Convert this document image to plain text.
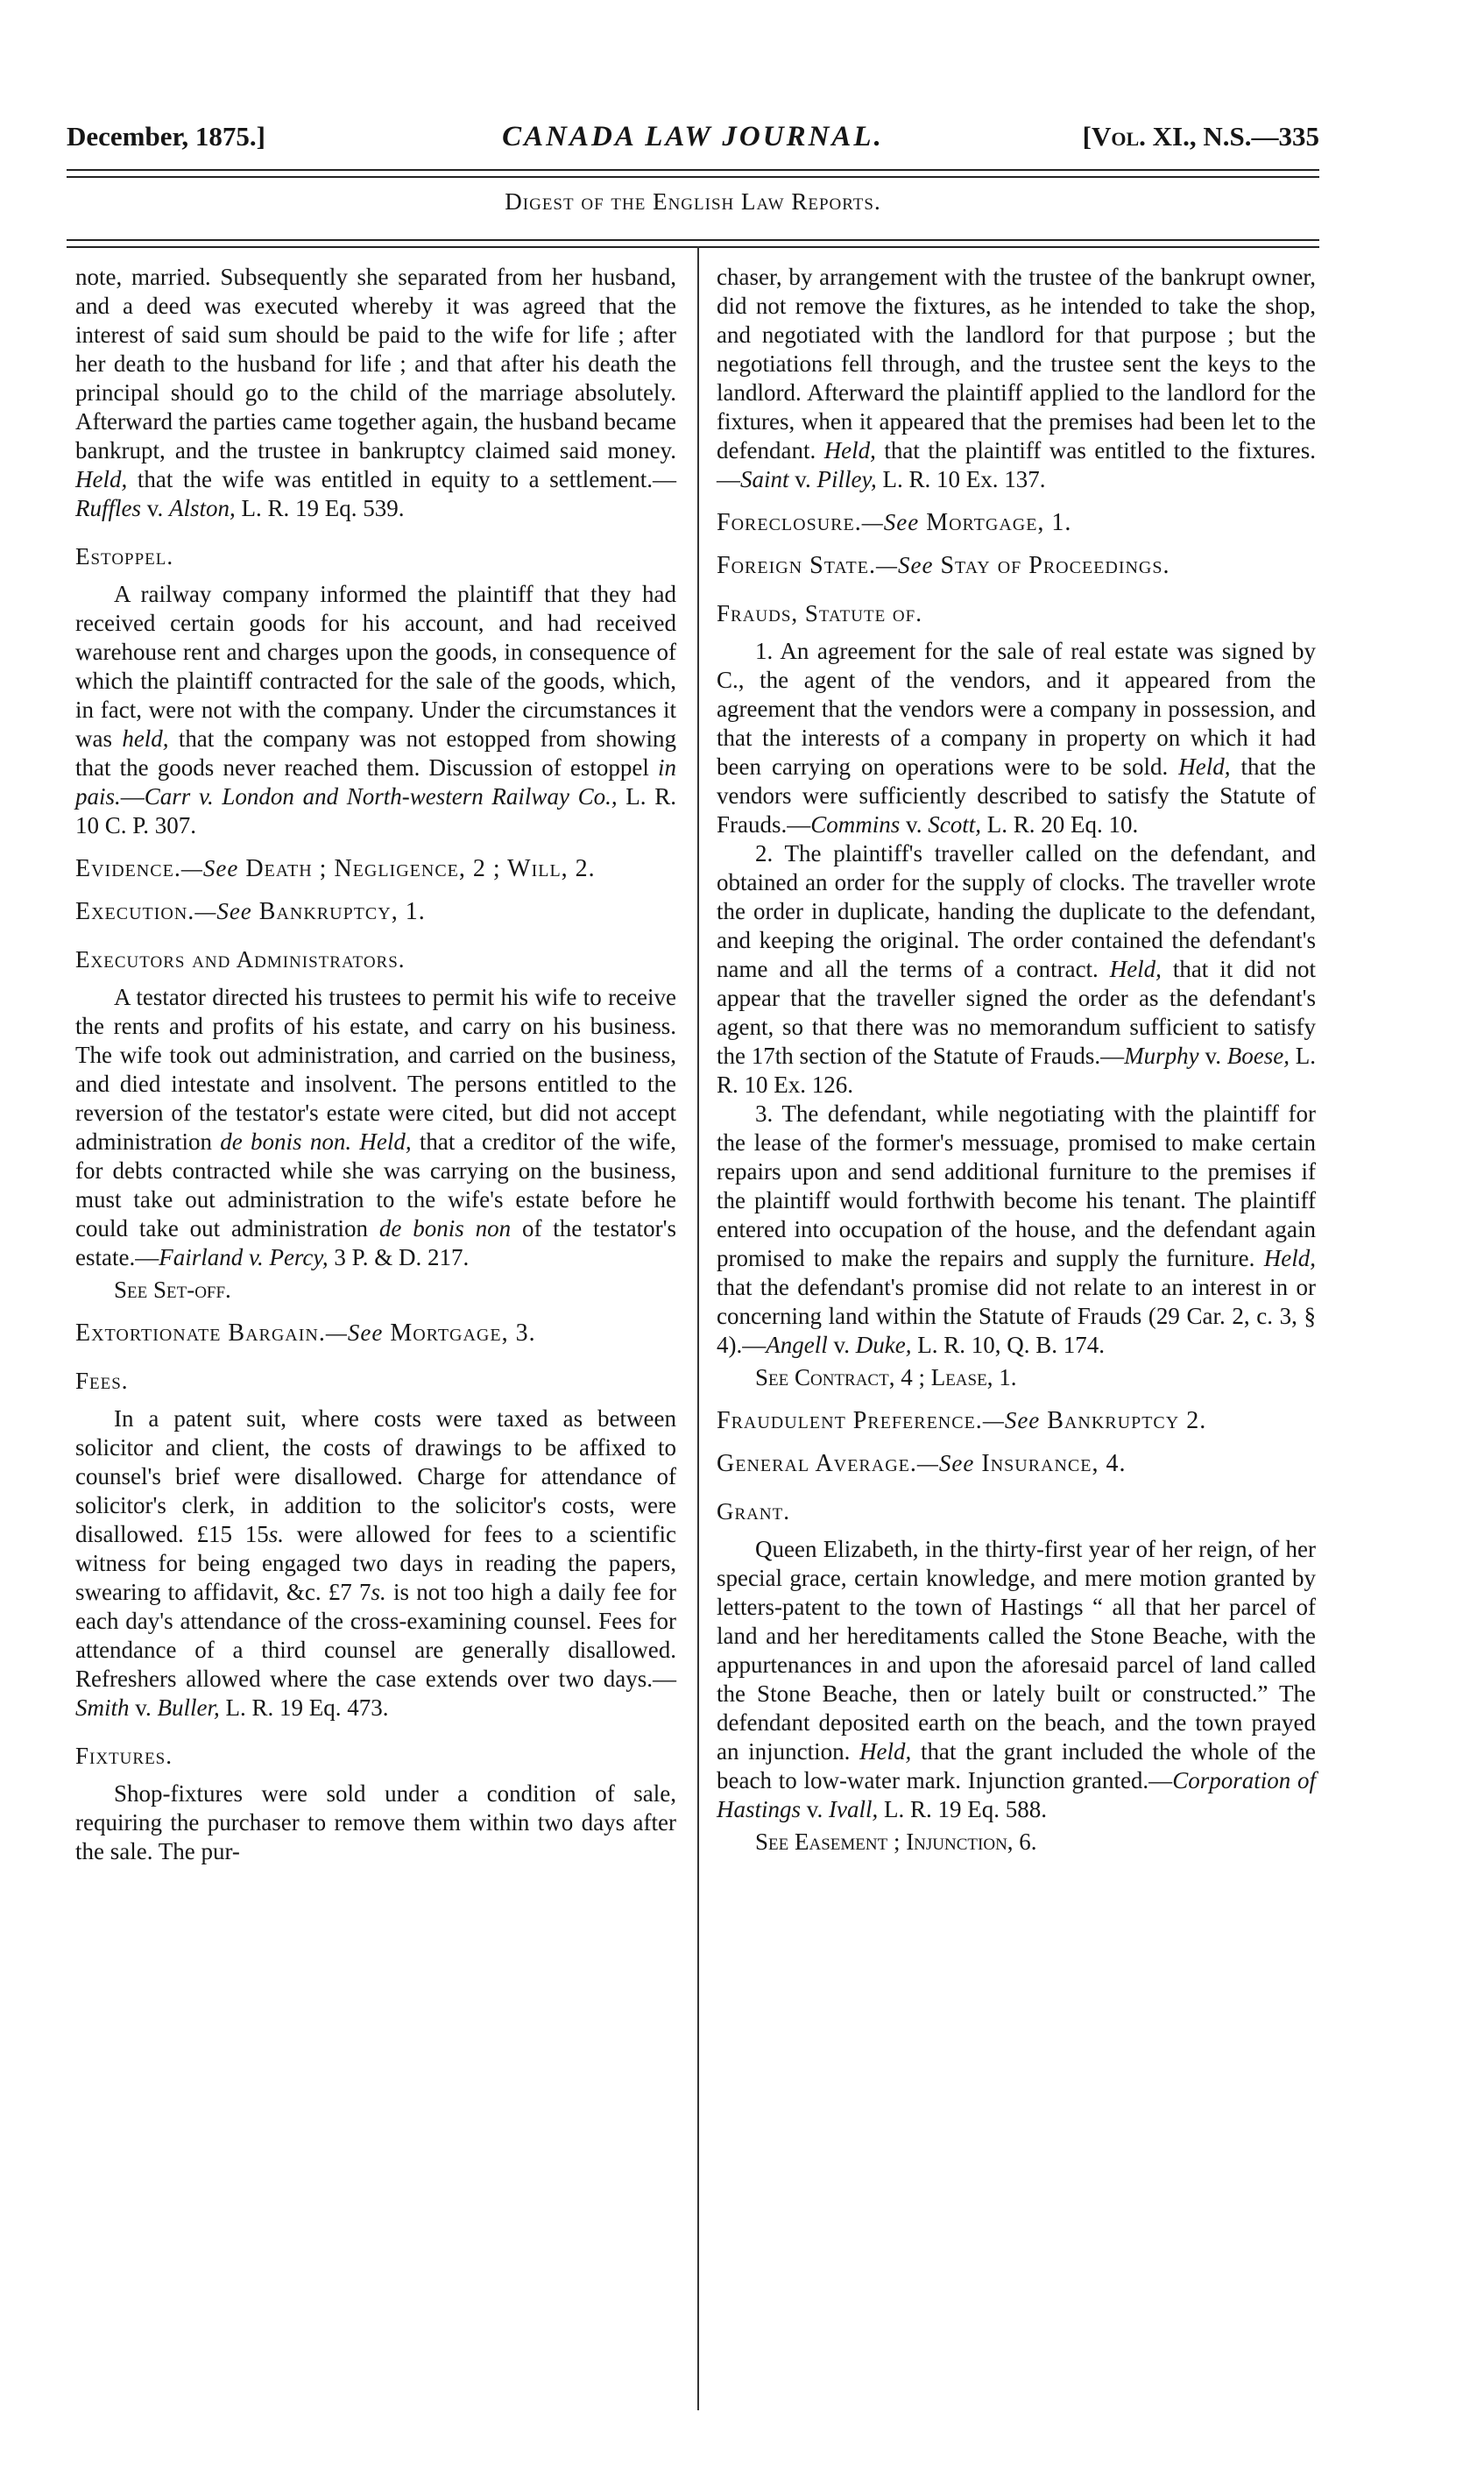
December, 1875.]	CANADA LAW JOURNAL.	[Vol. XI., N.S.—335
Digest of the English Law Reports.

note, married. Subsequently she separated from her husband, and a deed was executed whereby it was agreed that the interest of said sum should be paid to the wife for life ; after her death to the husband for life ; and that after his death the principal should go to the child of the marriage absolutely. Afterward the parties came together again, the husband became bankrupt, and the trustee in bankruptcy claimed said money. Held, that the wife was entitled in equity to a settlement.—Ruffles v. Alston, L. R. 19 Eq. 539.

Estoppel.

A railway company informed the plaintiff that they had received certain goods for his account, and had received warehouse rent and charges upon the goods, in consequence of which the plaintiff contracted for the sale of the goods, which, in fact, were not with the company. Under the circumstances it was held, that the company was not estopped from showing that the goods never reached them. Discussion of estoppel in pais.—Carr v. London and North-western Railway Co., L. R. 10 C. P. 307.

Evidence.—See Death ; Negligence, 2 ; Will, 2.

Execution.—See Bankruptcy, 1.

Executors and Administrators.

A testator directed his trustees to permit his wife to receive the rents and profits of his estate, and carry on his business. The wife took out administration, and carried on the business, and died intestate and insolvent. The persons entitled to the reversion of the testator's estate were cited, but did not accept administration de bonis non. Held, that a creditor of the wife, for debts contracted while she was carrying on the business, must take out administration to the wife's estate before he could take out administration de bonis non of the testator's estate.—Fairland v. Percy, 3 P. & D. 217.

See Set-off.

Extortionate Bargain.—See Mortgage, 3.

Fees.

In a patent suit, where costs were taxed as between solicitor and client, the costs of drawings to be affixed to counsel's brief were disallowed. Charge for attendance of solicitor's clerk, in addition to the solicitor's costs, were disallowed. £15 15s. were allowed for fees to a scientific witness for being engaged two days in reading the papers, swearing to affidavit, &c. £7 7s. is not too high a daily fee for each day's attendance of the cross-examining counsel. Fees for attendance of a third counsel are generally disallowed. Refreshers allowed where the case extends over two days.—Smith v. Buller, L. R. 19 Eq. 473.

Fixtures.

Shop-fixtures were sold under a condition of sale, requiring the purchaser to remove them within two days after the sale. The pur-

chaser, by arrangement with the trustee of the bankrupt owner, did not remove the fixtures, as he intended to take the shop, and negotiated with the landlord for that purpose ; but the negotiations fell through, and the trustee sent the keys to the landlord. Afterward the plaintiff applied to the landlord for the fixtures, when it appeared that the premises had been let to the defendant. Held, that the plaintiff was entitled to the fixtures.—Saint v. Pilley, L. R. 10 Ex. 137.

Foreclosure.—See Mortgage, 1.

Foreign State.—See Stay of Proceedings.

Frauds, Statute of.

1. An agreement for the sale of real estate was signed by C., the agent of the vendors, and it appeared from the agreement that the vendors were a company in possession, and that the interests of a company in property on which it had been carrying on operations were to be sold. Held, that the vendors were sufficiently described to satisfy the Statute of Frauds.—Commins v. Scott, L. R. 20 Eq. 10.

2. The plaintiff's traveller called on the defendant, and obtained an order for the supply of clocks. The traveller wrote the order in duplicate, handing the duplicate to the defendant, and keeping the original. The order contained the defendant's name and all the terms of a contract. Held, that it did not appear that the traveller signed the order as the defendant's agent, so that there was no memorandum sufficient to satisfy the 17th section of the Statute of Frauds.—Murphy v. Boese, L. R. 10 Ex. 126.

3. The defendant, while negotiating with the plaintiff for the lease of the former's messuage, promised to make certain repairs upon and send additional furniture to the premises if the plaintiff would forthwith become his tenant. The plaintiff entered into occupation of the house, and the defendant again promised to make the repairs and supply the furniture. Held, that the defendant's promise did not relate to an interest in or concerning land within the Statute of Frauds (29 Car. 2, c. 3, § 4).—Angell v. Duke, L. R. 10, Q. B. 174.

See Contract, 4 ; Lease, 1.

Fraudulent Preference.—See Bankruptcy 2.

General Average.—See Insurance, 4.

Grant.

Queen Elizabeth, in the thirty-first year of her reign, of her special grace, certain knowledge, and mere motion granted by letters-patent to the town of Hastings “ all that her parcel of land and her hereditaments called the Stone Beache, with the appurtenances in and upon the aforesaid parcel of land called the Stone Beache, then or lately built or constructed.” The defendant deposited earth on the beach, and the town prayed an injunction. Held, that the grant included the whole of the beach to low-water mark. Injunction granted.—Corporation of Hastings v. Ivall, L. R. 19 Eq. 588.

See Easement ; Injunction, 6.
